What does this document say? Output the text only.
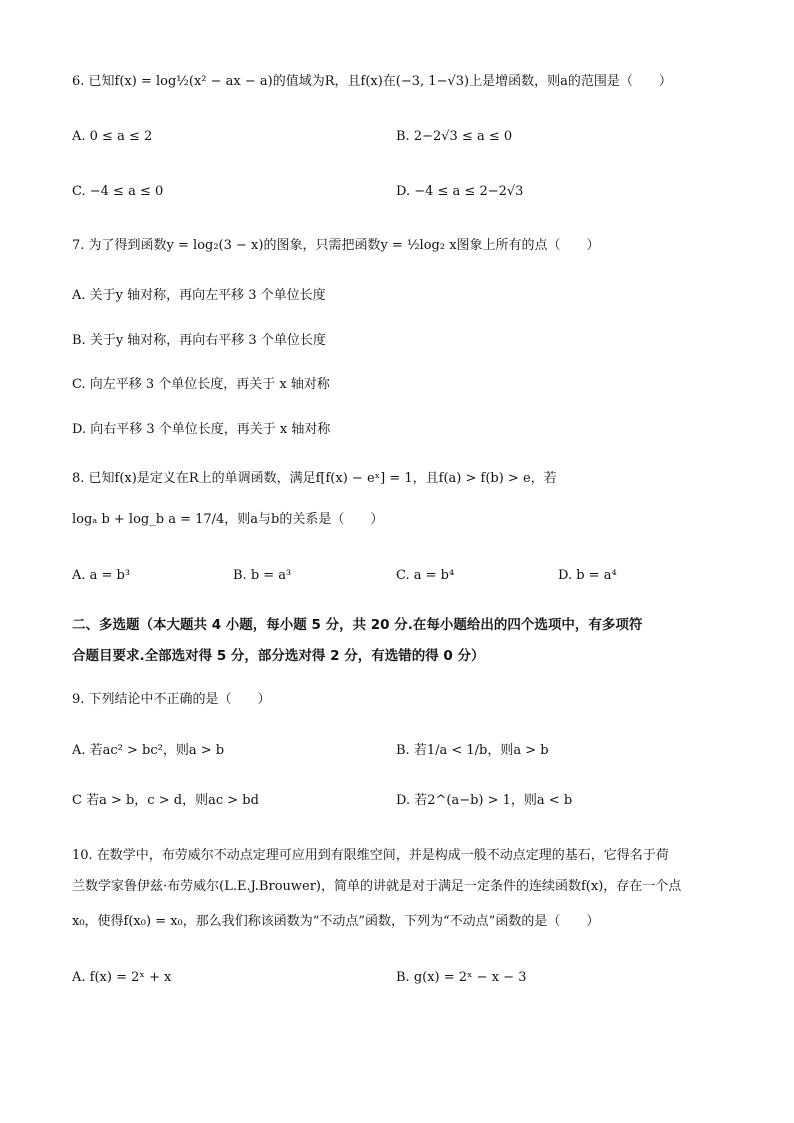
6. 已知f(x) = log½(x² − ax − a)的值域为R，且f(x)在(−3, 1−√3)上是增函数，则a的范围是（　　）
A. 0 ≤ a ≤ 2	B. 2−2√3 ≤ a ≤ 0
C. −4 ≤ a ≤ 0	D. −4 ≤ a ≤ 2−2√3
7. 为了得到函数y = log₂(3 − x)的图象，只需把函数y = ½log₂ x图象上所有的点（　　）
A. 关于y 轴对称，再向左平移 3 个单位长度
B. 关于y 轴对称，再向右平移 3 个单位长度
C. 向左平移 3 个单位长度，再关于 x 轴对称
D. 向右平移 3 个单位长度，再关于 x 轴对称
8. 已知f(x)是定义在R上的单调函数，满足f[f(x) − eˣ] = 1，且f(a) > f(b) > e，若
logₐ b + log_b a = 17/4，则a与b的关系是（　　）
A. a = b³	B. b = a³	C. a = b⁴	D. b = a⁴
二、多选题（本大题共 4 小题，每小题 5 分，共 20 分.在每小题给出的四个选项中，有多项符
合题目要求.全部选对得 5 分，部分选对得 2 分，有选错的得 0 分）
9. 下列结论中不正确的是（　　）
A. 若ac² > bc²，则a > b	B. 若1/a < 1/b，则a > b
C 若a > b，c > d，则ac > bd	D. 若2^(a−b) > 1，则a < b
10. 在数学中，布劳威尔不动点定理可应用到有限维空间，并是构成一般不动点定理的基石，它得名于荷
兰数学家鲁伊兹·布劳威尔(L.E.J.Brouwer)，简单的讲就是对于满足一定条件的连续函数f(x)，存在一个点
x₀，使得f(x₀) = x₀，那么我们称该函数为“不动点”函数，下列为“不动点”函数的是（　　）
A. f(x) = 2ˣ + x	B. g(x) = 2ˣ − x − 3
